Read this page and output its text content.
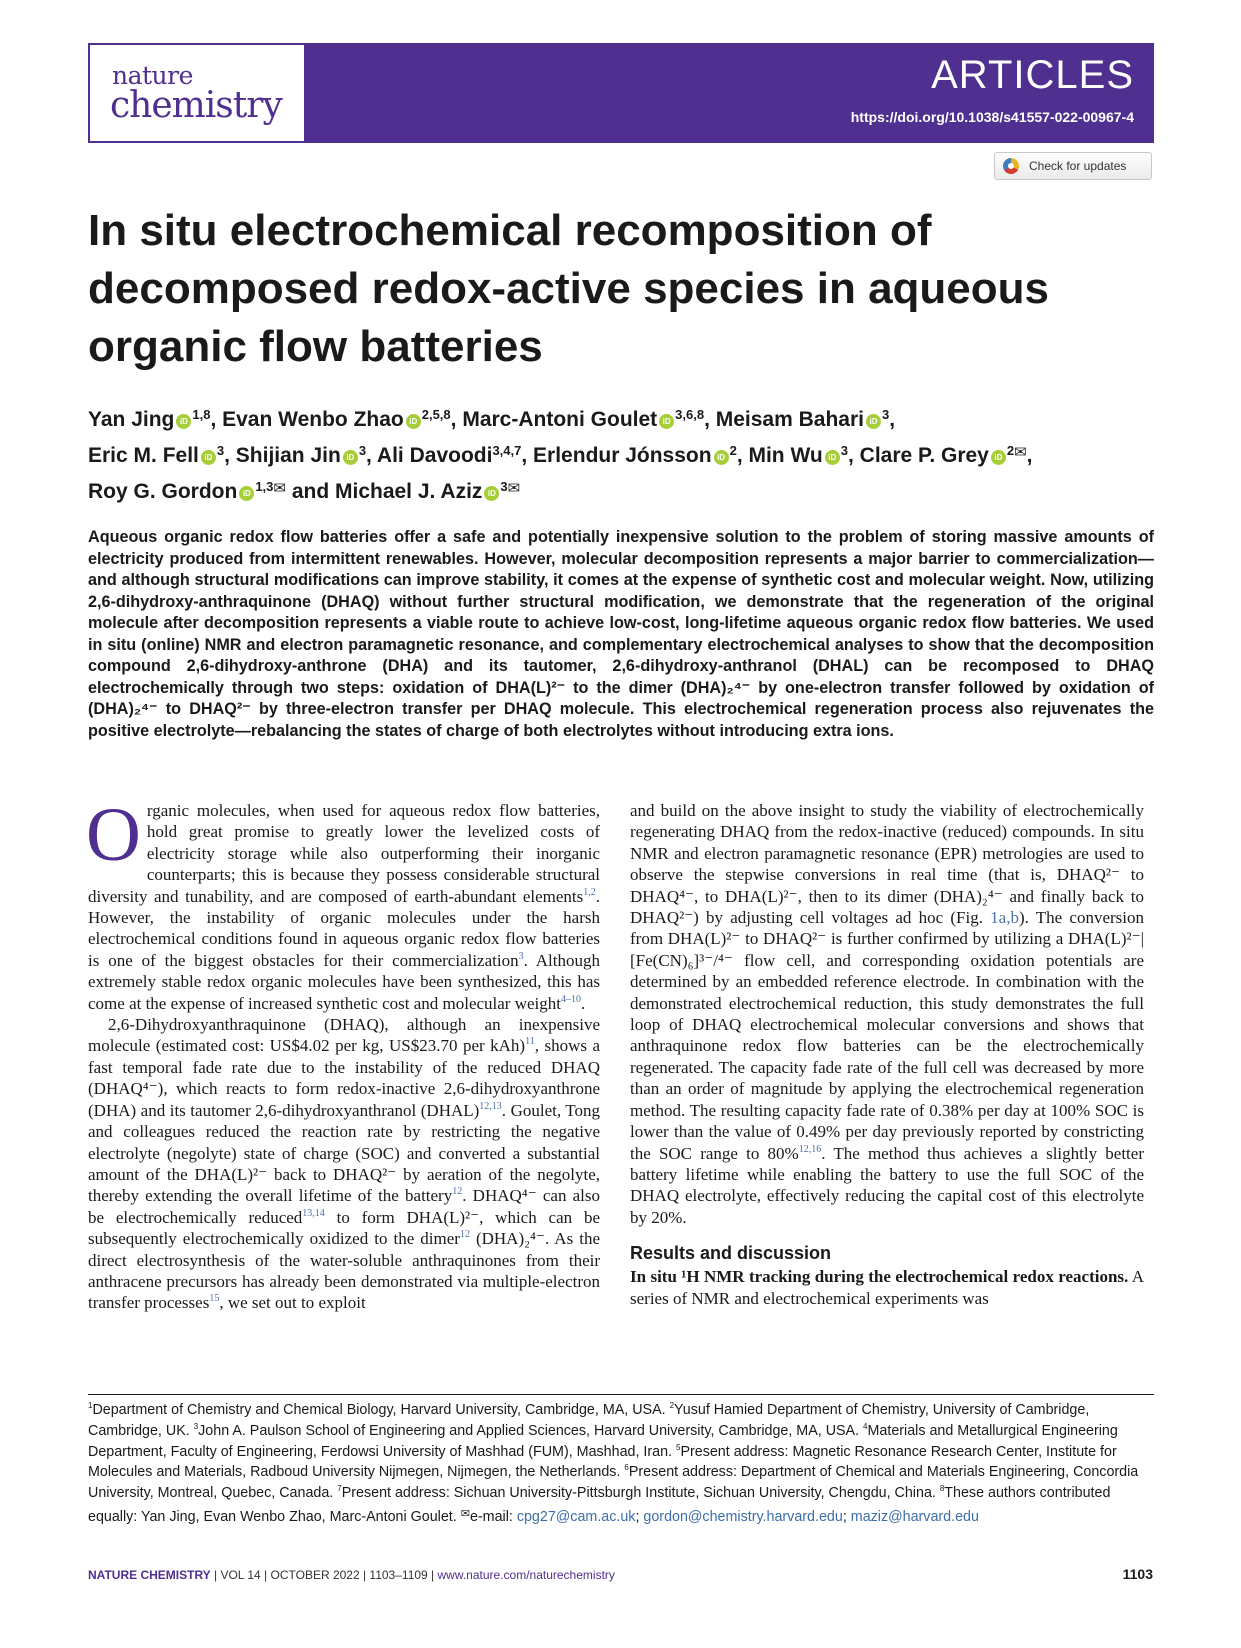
nature
chemistry
ARTICLES
https://doi.org/10.1038/s41557-022-00967-4
Check for updates
In situ electrochemical recomposition of decomposed redox-active species in aqueous organic flow batteries
Yan Jing iD $^{1,8}$, Evan Wenbo Zhao iD $^{2,5,8}$, Marc-Antoni Goulet iD $^{3,6,8}$, Meisam Bahari iD $^3$,
Eric M. Fell iD $^3$, Shijian Jin iD $^3$, Ali Davoodi$^{3,4,7}$, Erlendur Jónsson iD $^2$, Min Wu iD $^3$, Clare P. Grey iD $^{2✉}$,
Roy G. Gordon iD $^{1,3✉}$ and Michael J. Aziz iD $^{3✉}$

Aqueous organic redox flow batteries offer a safe and potentially inexpensive solution to the problem of storing massive amounts of electricity produced from intermittent renewables. However, molecular decomposition represents a major barrier to commercialization—and although structural modifications can improve stability, it comes at the expense of synthetic cost and molecular weight. Now, utilizing 2,6-dihydroxy-anthraquinone (DHAQ) without further structural modification, we demonstrate that the regeneration of the original molecule after decomposition represents a viable route to achieve low-cost, long-lifetime aqueous organic redox flow batteries. We used in situ (online) NMR and electron paramagnetic resonance, and complementary electrochemical analyses to show that the decomposition compound 2,6-dihydroxy-anthrone (DHA) and its tautomer, 2,6-dihydroxy-anthranol (DHAL) can be recomposed to DHAQ electrochemically through two steps: oxidation of DHA(L)²⁻ to the dimer (DHA)₂⁴⁻ by one-electron transfer followed by oxidation of (DHA)₂⁴⁻ to DHAQ²⁻ by three-electron transfer per DHAQ molecule. This electrochemical regeneration process also rejuvenates the positive electrolyte—rebalancing the states of charge of both electrolytes without introducing extra ions.

Organic molecules, when used for aqueous redox flow batteries, hold great promise to greatly lower the levelized costs of electricity storage while also outperforming their inorganic counterparts; this is because they possess considerable structural diversity and tunability, and are composed of earth-abundant elements$^{1,2}$. However, the instability of organic molecules under the harsh electrochemical conditions found in aqueous organic redox flow batteries is one of the biggest obstacles for their commercialization$^3$. Although extremely stable redox organic molecules have been synthesized, this has come at the expense of increased synthetic cost and molecular weight$^{4-10}$.

2,6-Dihydroxyanthraquinone (DHAQ), although an inexpensive molecule (estimated cost: US$4.02 per kg, US$23.70 per kAh)$^{11}$, shows a fast temporal fade rate due to the instability of the reduced DHAQ (DHAQ⁴⁻), which reacts to form redox-inactive 2,6-dihydroxyanthrone (DHA) and its tautomer 2,6-dihydroxyanthranol (DHAL)$^{12,13}$. Goulet, Tong and colleagues reduced the reaction rate by restricting the negative electrolyte (negolyte) state of charge (SOC) and converted a substantial amount of the DHA(L)²⁻ back to DHAQ²⁻ by aeration of the negolyte, thereby extending the overall lifetime of the battery$^{12}$. DHAQ⁴⁻ can also be electrochemically reduced$^{13,14}$ to form DHA(L)²⁻, which can be subsequently electrochemically oxidized to the dimer$^{12}$ (DHA)₂⁴⁻. As the direct electrosynthesis of the water-soluble anthraquinones from their anthracene precursors has already been demonstrated via multiple-electron transfer processes$^{15}$, we set out to exploit

and build on the above insight to study the viability of electrochemically regenerating DHAQ from the redox-inactive (reduced) compounds. In situ NMR and electron paramagnetic resonance (EPR) metrologies are used to observe the stepwise conversions in real time (that is, DHAQ²⁻ to DHAQ⁴⁻, to DHA(L)²⁻, then to its dimer (DHA)₂⁴⁻ and finally back to DHAQ²⁻) by adjusting cell voltages ad hoc (Fig. 1a,b). The conversion from DHA(L)²⁻ to DHAQ²⁻ is further confirmed by utilizing a DHA(L)²⁻|[Fe(CN)₆]³⁻/⁴⁻ flow cell, and corresponding oxidation potentials are determined by an embedded reference electrode. In combination with the demonstrated electrochemical reduction, this study demonstrates the full loop of DHAQ electrochemical molecular conversions and shows that anthraquinone redox flow batteries can be the electrochemically regenerated. The capacity fade rate of the full cell was decreased by more than an order of magnitude by applying the electrochemical regeneration method. The resulting capacity fade rate of 0.38% per day at 100% SOC is lower than the value of 0.49% per day previously reported by constricting the SOC range to 80%$^{12,16}$. The method thus achieves a slightly better battery lifetime while enabling the battery to use the full SOC of the DHAQ electrolyte, effectively reducing the capital cost of this electrolyte by 20%.

Results and discussion

In situ ¹H NMR tracking during the electrochemical redox reactions. A series of NMR and electrochemical experiments was

$^1$Department of Chemistry and Chemical Biology, Harvard University, Cambridge, MA, USA. $^2$Yusuf Hamied Department of Chemistry, University of Cambridge, Cambridge, UK. $^3$John A. Paulson School of Engineering and Applied Sciences, Harvard University, Cambridge, MA, USA. $^4$Materials and Metallurgical Engineering Department, Faculty of Engineering, Ferdowsi University of Mashhad (FUM), Mashhad, Iran. $^5$Present address: Magnetic Resonance Research Center, Institute for Molecules and Materials, Radboud University Nijmegen, Nijmegen, the Netherlands. $^6$Present address: Department of Chemical and Materials Engineering, Concordia University, Montreal, Quebec, Canada. $^7$Present address: Sichuan University-Pittsburgh Institute, Sichuan University, Chengdu, China. $^8$These authors contributed equally: Yan Jing, Evan Wenbo Zhao, Marc-Antoni Goulet. ✉e-mail: cpg27@cam.ac.uk; gordon@chemistry.harvard.edu; maziz@harvard.edu

NATURE CHEMISTRY | VOL 14 | OCTOBER 2022 | 1103–1109 | www.nature.com/naturechemistry	1103
